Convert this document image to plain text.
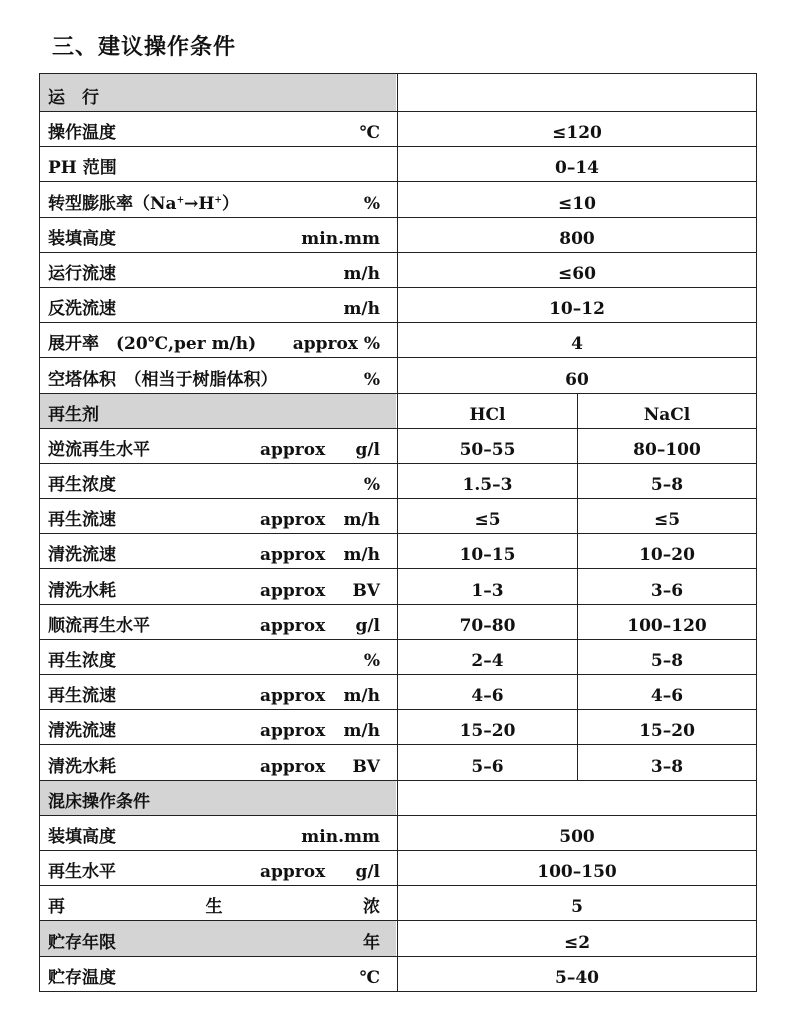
三、建议操作条件
运　行
操作温度	℃	≤120
PH 范围	0–14
转型膨胀率（Na+→H+）	%	≤10
装填高度	min.mm	800
运行流速	m/h	≤60
反洗流速	m/h	10–12
展开率　(20℃,per m/h) approx %	4
空塔体积　（相当于树脂体积）	%	60
再生剂	HCl	NaCl
逆流再生水平	approx g/l	50–55	80–100
再生浓度	%	1.5–3	5–8
再生流速	approx m/h	≤5	≤5
清洗流速	approx m/h	10–15	10–20
清洗水耗	approx BV	1–3	3–6
顺流再生水平	approx g/l	70–80	100–120
再生浓度	%	2–4	5–8
再生流速	approx m/h	4–6	4–6
清洗流速	approx m/h	15–20	15–20
清洗水耗	approx BV	5–6	3–8
混床操作条件
装填高度	min.mm	500
再生水平	approx g/l	100–150
再	生	浓	5
贮存年限	年	≤2
贮存温度	℃	5–40
